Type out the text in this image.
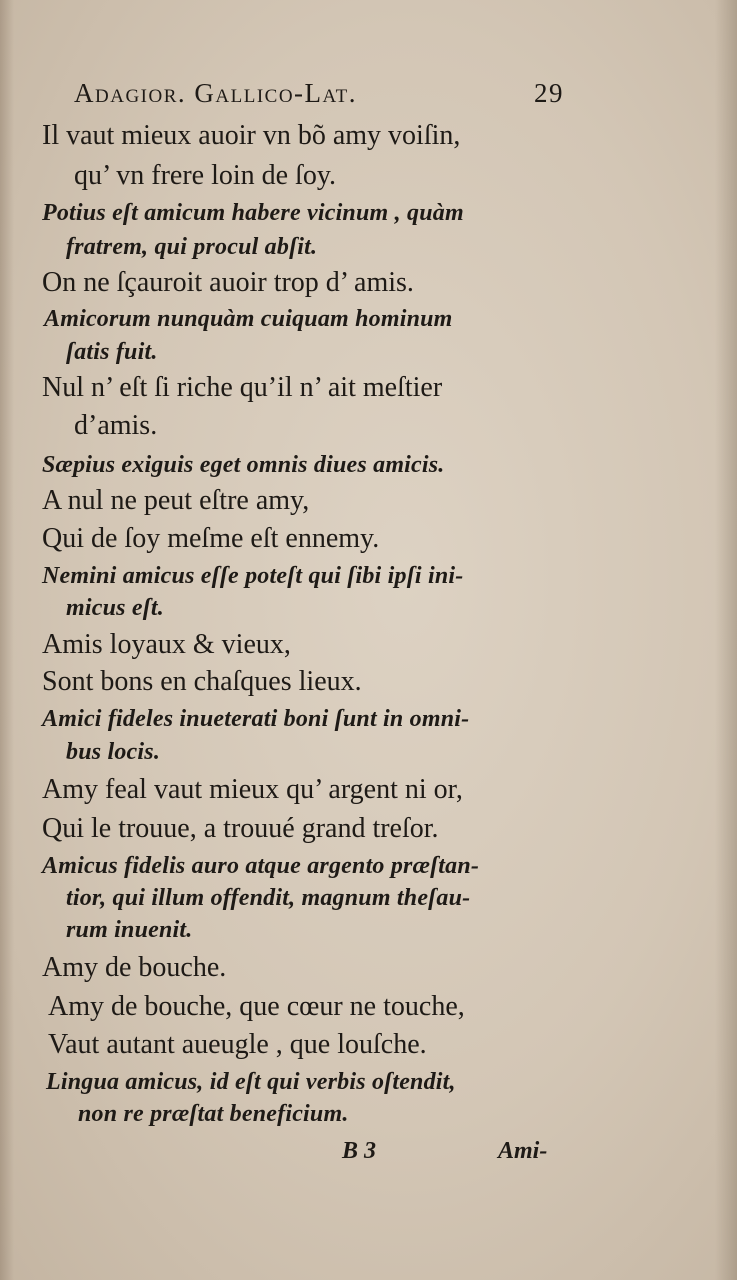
Adagior. Gallico-Lat.	29
Il vaut mieux auoir vn bõ amy voiſin,
qu’ vn frere loin de ſoy.
Potius eſt amicum habere vicinum , quàm
fratrem, qui procul abſit.
On ne ſçauroit auoir trop d’ amis.
Amicorum nunquàm cuiquam hominum
ſatis fuit.
Nul n’ eſt ſi riche qu’il n’ ait meſtier
d’amis.
Sæpius exiguis eget omnis diues amicis.
A nul ne peut eſtre amy,
Qui de ſoy meſme eſt ennemy.
Nemini amicus eſſe poteſt qui ſibi ipſi ini-
micus eſt.
Amis loyaux & vieux,
Sont bons en chaſques lieux.
Amici fideles inueterati boni ſunt in omni-
bus locis.
Amy feal vaut mieux qu’ argent ni or,
Qui le trouue, a trouué grand treſor.
Amicus fidelis auro atque argento præſtan-
tior, qui illum offendit, magnum theſau-
rum inuenit.
Amy de bouche.
Amy de bouche, que cœur ne touche,
Vaut autant aueugle , que louſche.
Lingua amicus, id eſt qui verbis oſtendit,
non re præſtat beneficium.
B 3	Ami-
